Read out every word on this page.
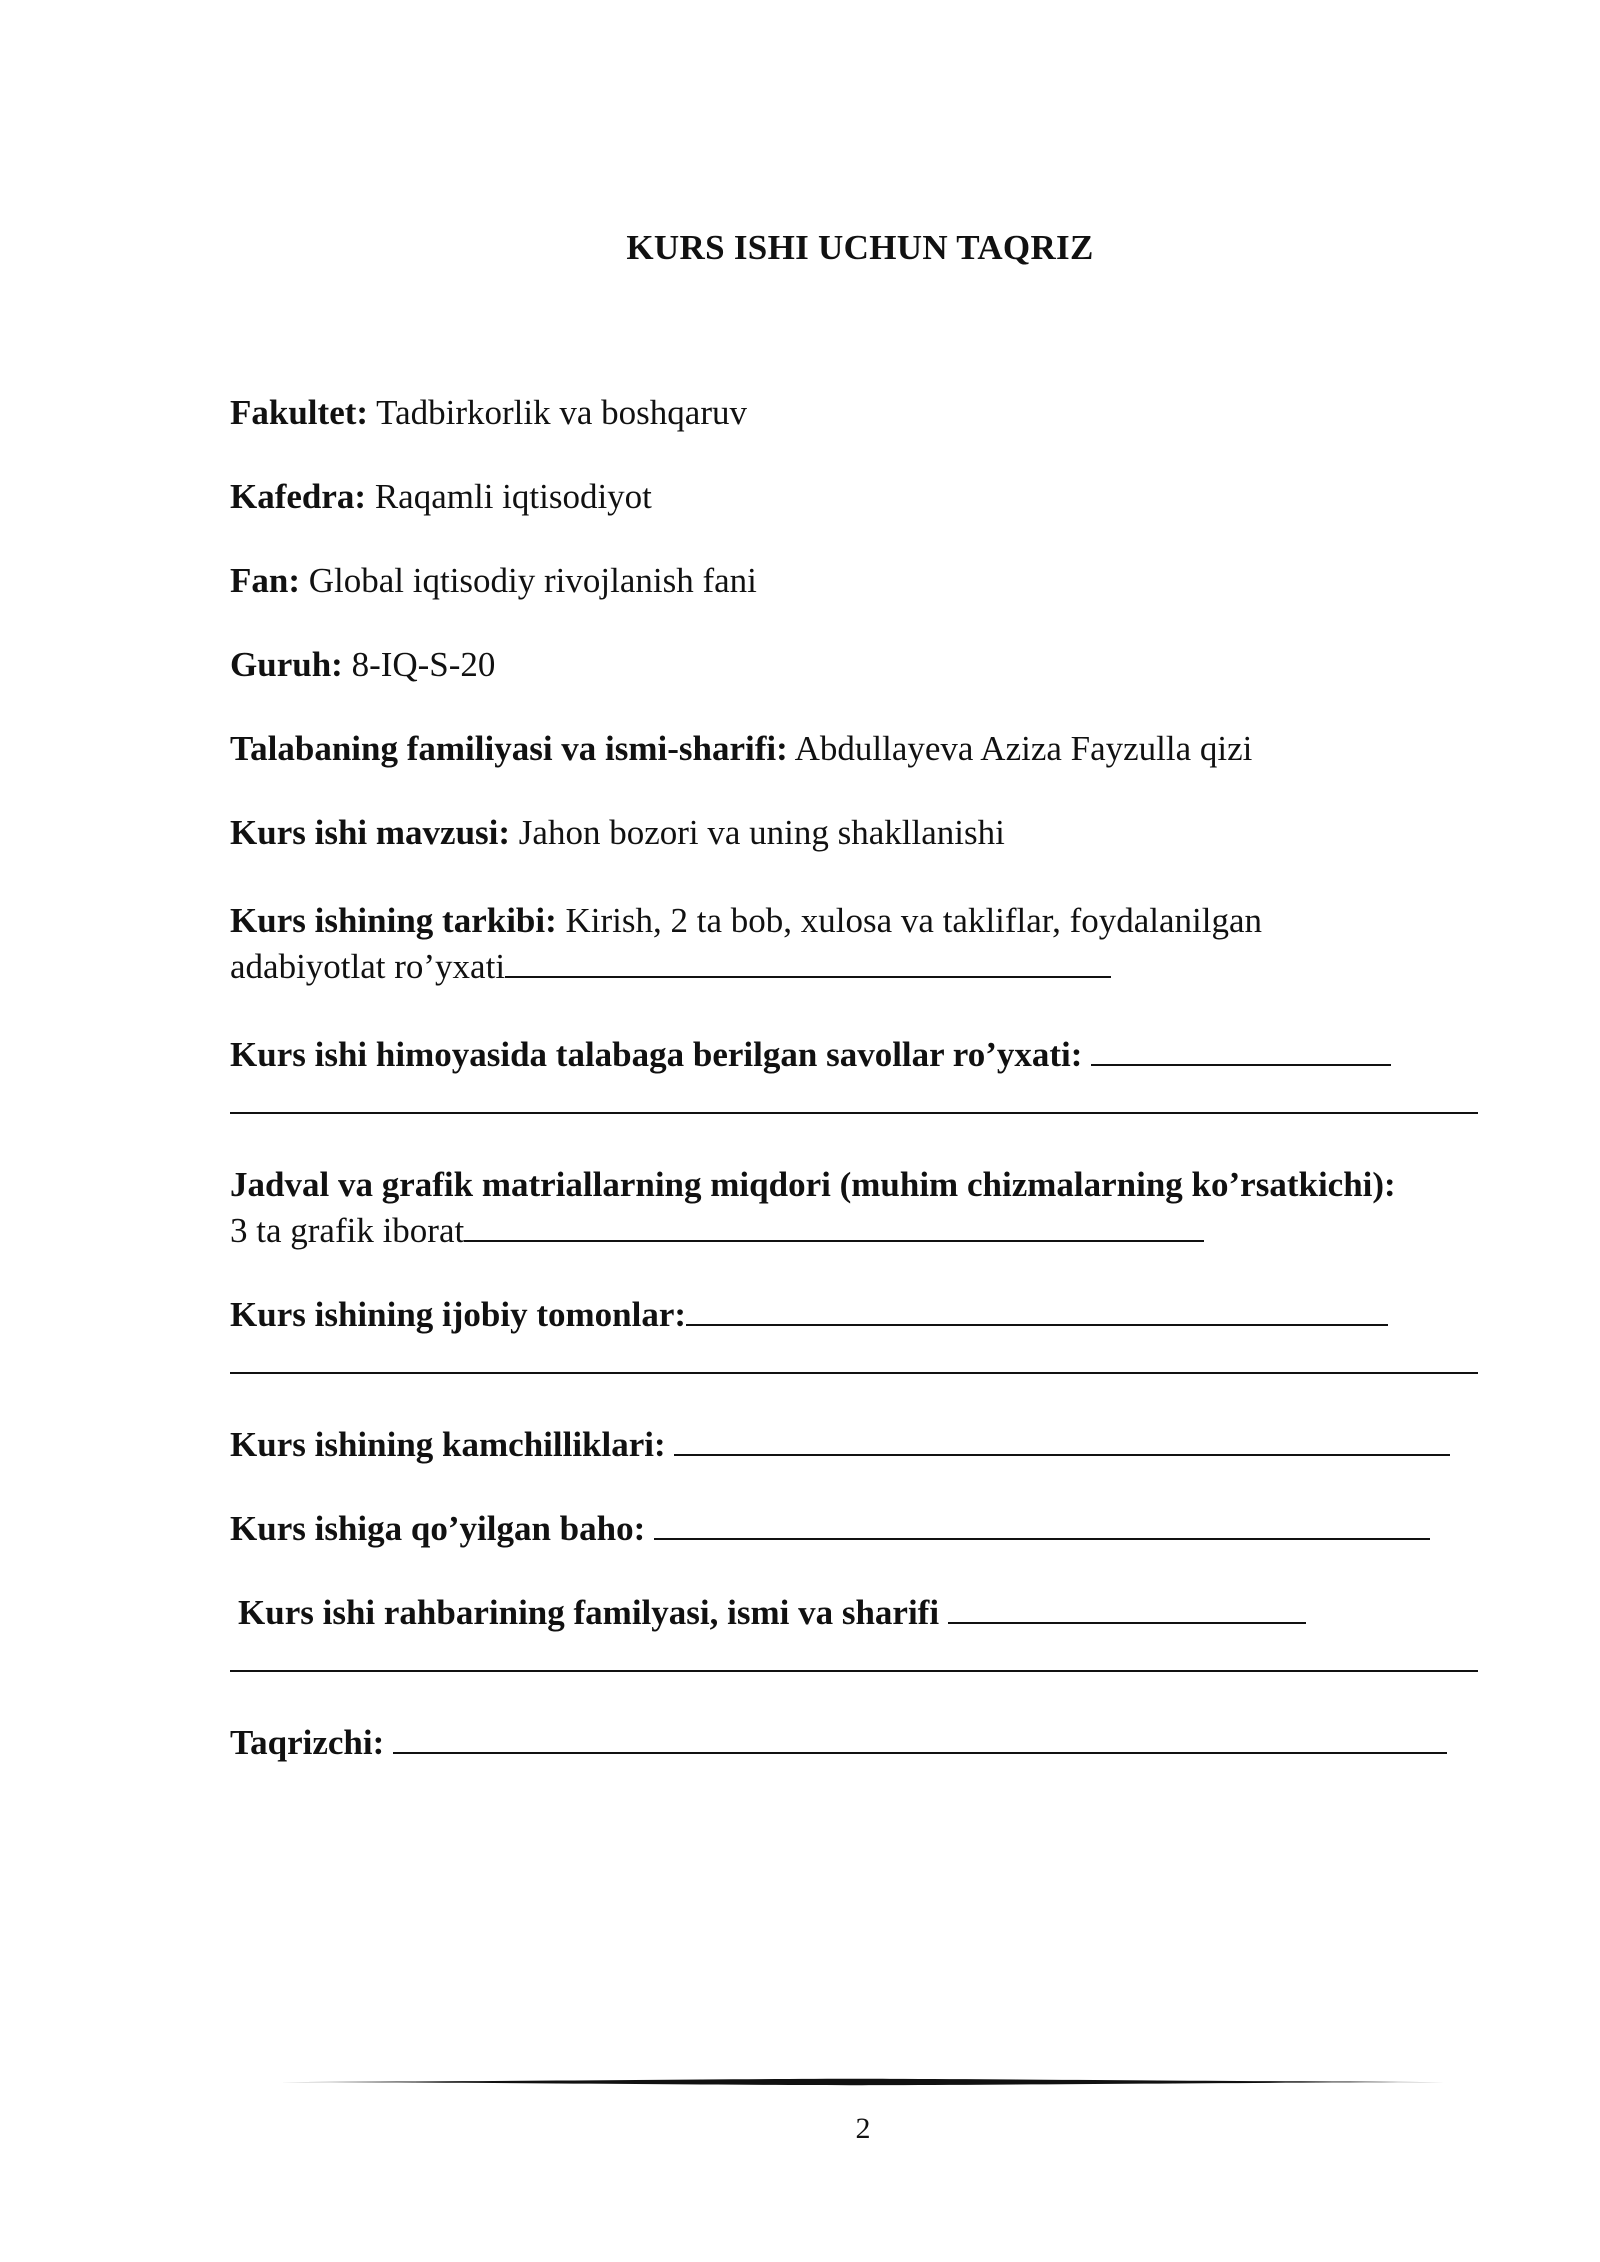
KURS ISHI UCHUN TAQRIZ
Fakultet: Tadbirkorlik va boshqaruv
Kafedra: Raqamli iqtisodiyot
Fan: Global iqtisodiy rivojlanish fani
Guruh: 8-IQ-S-20
Talabaning familiyasi va ismi-sharifi: Abdullayeva Aziza Fayzulla qizi
Kurs ishi mavzusi: Jahon bozori va uning shakllanishi
Kurs ishining tarkibi: Kirish, 2 ta bob, xulosa va takliflar, foydalanilgan
adabiyotlat ro’yxati
Kurs ishi himoyasida talabaga berilgan savollar ro’yxati:
Jadval va grafik matriallarning miqdori (muhim chizmalarning ko’rsatkichi):
3 ta grafik iborat
Kurs ishining ijobiy tomonlar:
Kurs ishining kamchilliklari:
Kurs ishiga qo’yilgan baho:
Kurs ishi rahbarining familyasi, ismi va sharifi
Taqrizchi:
2
